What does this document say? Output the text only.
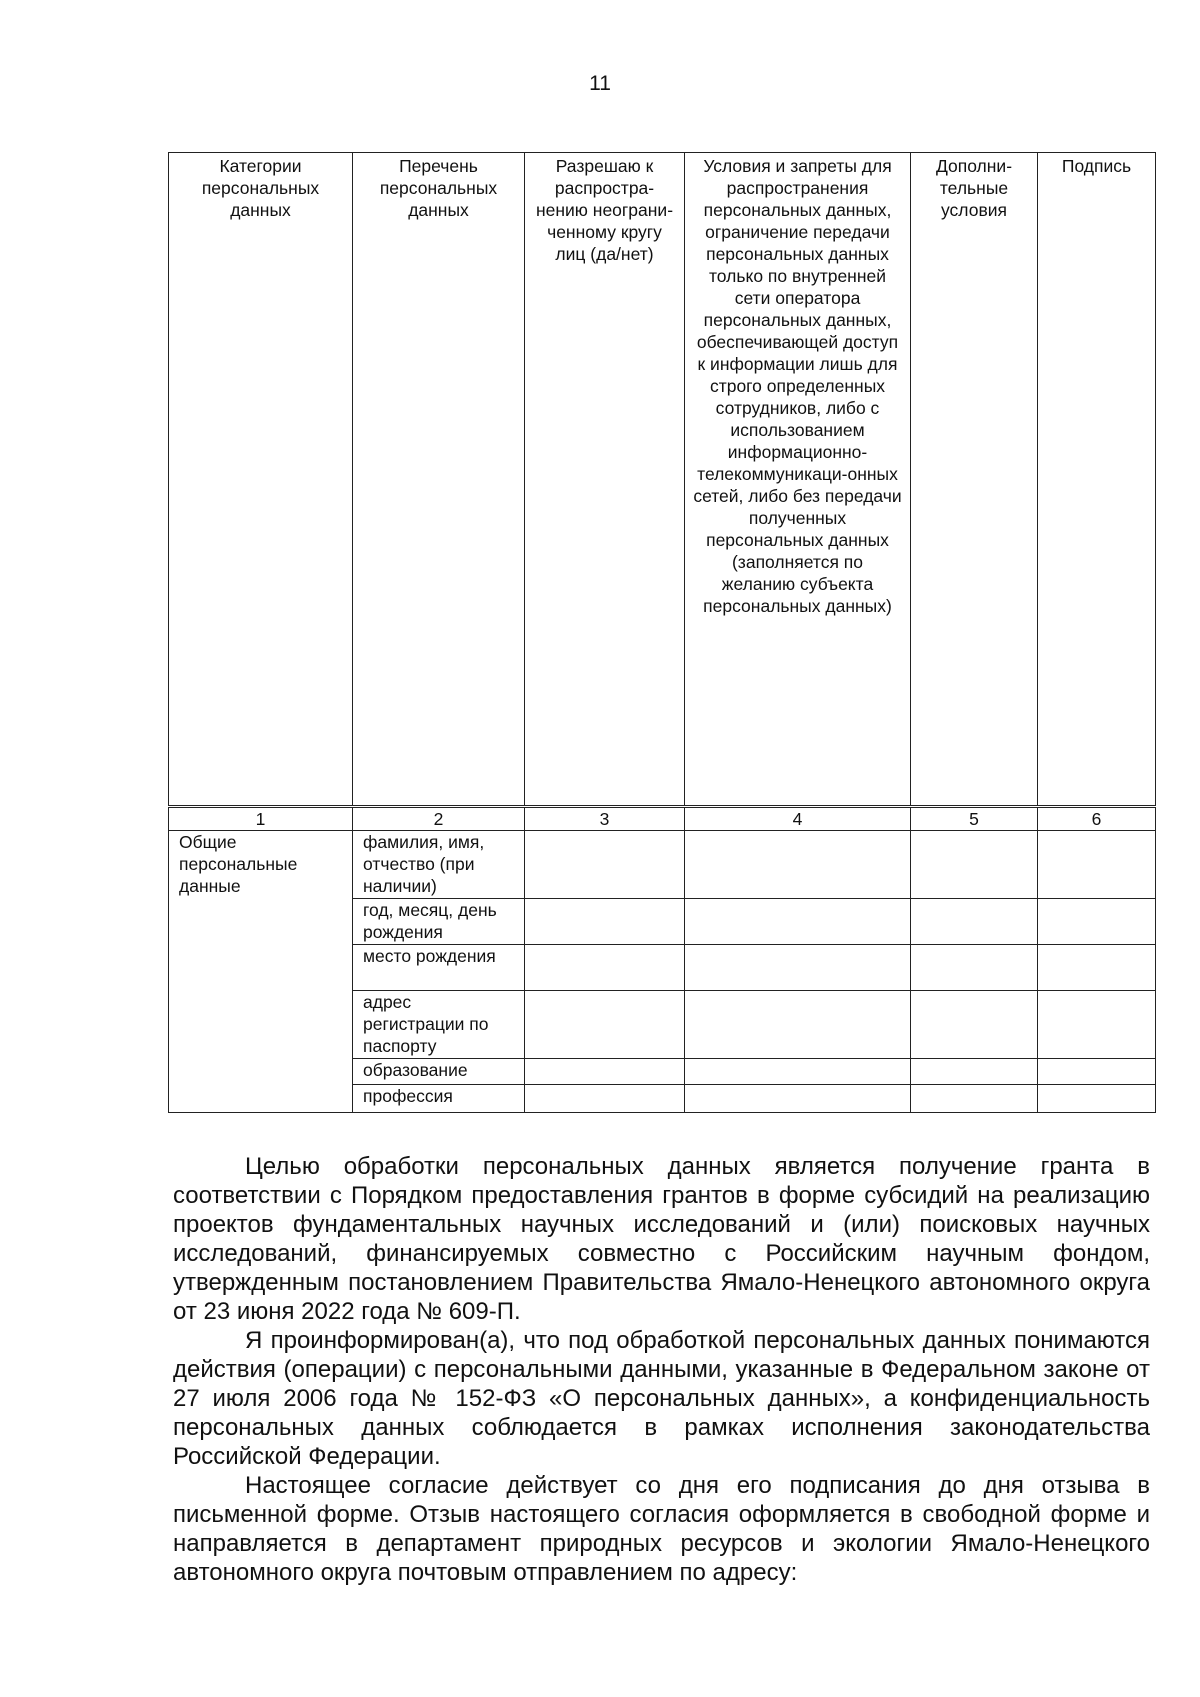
11
Категории персональных данных	Перечень персональных данных	Разрешаю к распростра-нению неограни-ченному кругу лиц (да/нет)	Условия и запреты для распространения персональных данных, ограничение передачи персональных данных только по внутренней сети оператора персональных данных, обеспечивающей доступ к информации лишь для строго определенных сотрудников, либо с использованием информационно-телекоммуникаци-онных сетей, либо без передачи полученных персональных данных (заполняется по желанию субъекта персональных данных)	Дополни-тельные условия	Подпись
1	2	3	4	5	6
Общие персональные данные	фамилия, имя, отчество (при наличии)				
	год, месяц, день рождения				
	место рождения				
	адрес регистрации по паспорту				
	образование				
	профессия				

Целью обработки персональных данных является получение гранта в соответствии с Порядком предоставления грантов в форме субсидий на реализацию проектов фундаментальных научных исследований и (или) поисковых научных исследований, финансируемых совместно с Российским научным фондом, утвержденным постановлением Правительства Ямало-Ненецкого автономного округа от 23 июня 2022 года № 609-П.

Я проинформирован(а), что под обработкой персональных данных понимаются действия (операции) с персональными данными, указанные в Федеральном законе от 27 июля 2006 года № 152-ФЗ «О персональных данных», а конфиденциальность персональных данных соблюдается в рамках исполнения законодательства Российской Федерации.

Настоящее согласие действует со дня его подписания до дня отзыва в письменной форме. Отзыв настоящего согласия оформляется в свободной форме и направляется в департамент природных ресурсов и экологии Ямало-Ненецкого автономного округа почтовым отправлением по адресу:
